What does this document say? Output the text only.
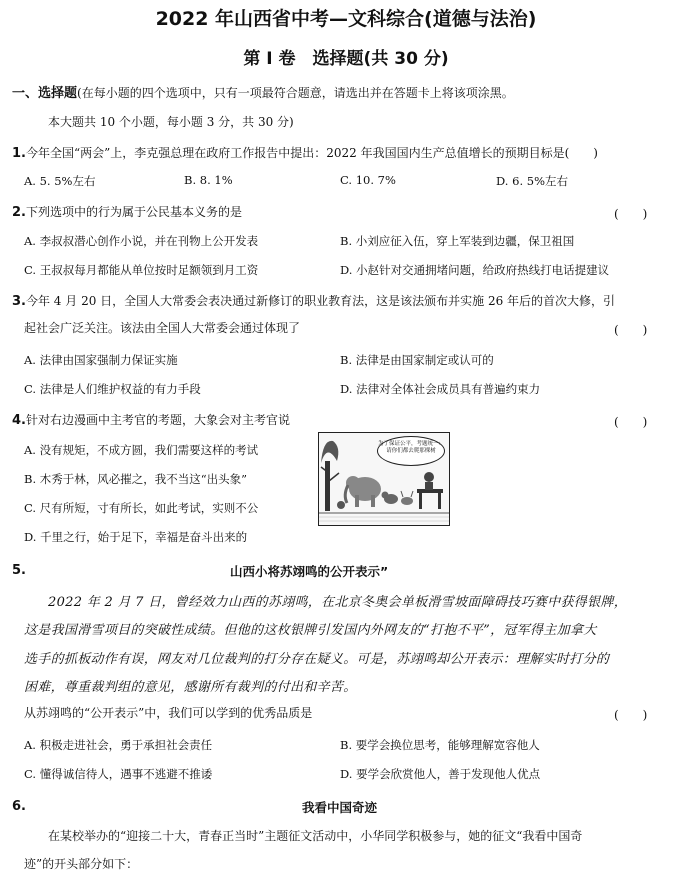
2022 年山西省中考—文科综合(道德与法治)
第 I 卷　选择题(共 30 分)
一、选择题(在每小题的四个选项中，只有一项最符合题意，请选出并在答题卡上将该项涂黑。
本大题共 10 个小题，每小题 3 分，共 30 分)
1.今年全国“两会”上，李克强总理在政府工作报告中提出：2022 年我国国内生产总值增长的预期目标是(　　)
A. 5. 5%左右	B. 8. 1%	C. 10. 7%	D. 6. 5%左右
2.下列选项中的行为属于公民基本义务的是	(　　)
A. 李叔叔潜心创作小说，并在刊物上公开发表	B. 小刘应征入伍，穿上军装到边疆，保卫祖国
C. 王叔叔每月都能从单位按时足额领到月工资	D. 小赵针对交通拥堵问题，给政府热线打电话提建议
3.今年 4 月 20 日，全国人大常委会表决通过新修订的职业教育法，这是该法颁布并实施 26 年后的首次大修，引
起社会广泛关注。该法由全国人大常委会通过体现了	(　　)
A. 法律由国家强制力保证实施	B. 法律是由国家制定或认可的
C. 法律是人们维护权益的有力手段	D. 法律对全体社会成员具有普遍约束力
4.针对右边漫画中主考官的考题，大象会对主考官说	(　　)
A. 没有规矩，不成方圆，我们需要这样的考试
B. 木秀于林，风必摧之，我不当这“出头象”
C. 尺有所短，寸有所长，如此考试，实则不公
D. 千里之行，始于足下，幸福是奋斗出来的
为了保证公平，考题统一：请你们都去爬那棵树
5.	山西小将苏翊鸣的公开表示”
2022 年 2 月 7 日，曾经效力山西的苏翊鸣，在北京冬奥会单板滑雪坡面障碍技巧赛中获得银牌，
这是我国滑雪项目的突破性成绩。但他的这枚银牌引发国内外网友的“打抱不平”，冠军得主加拿大
选手的抓板动作有误，网友对几位裁判的打分存在疑义。可是，苏翊鸣却公开表示：理解实时打分的
困难，尊重裁判组的意见，感谢所有裁判的付出和辛苦。
从苏翊鸣的“公开表示”中，我们可以学到的优秀品质是	(　　)
A. 积极走进社会，勇于承担社会责任	B. 要学会换位思考，能够理解宽容他人
C. 懂得诚信待人，遇事不逃避不推诿	D. 要学会欣赏他人，善于发现他人优点
6.	我看中国奇迹
在某校举办的“迎接二十大，青春正当时”主题征文活动中，小华同学积极参与，她的征文“我看中国奇
迹”的开头部分如下：
